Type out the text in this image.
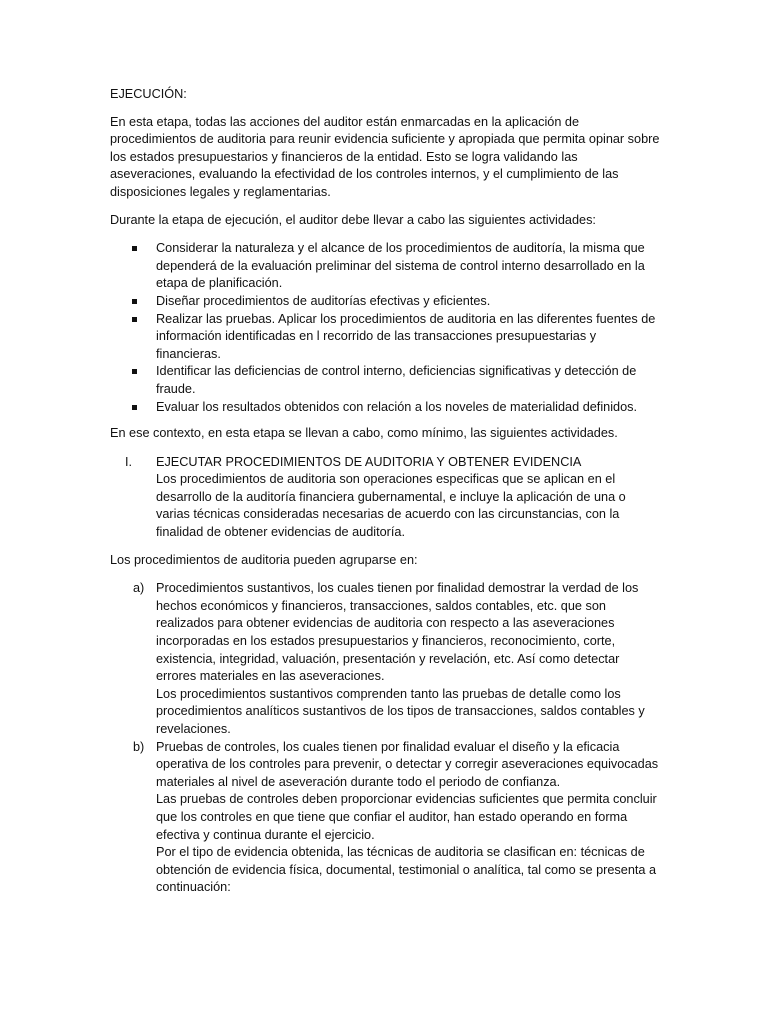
EJECUCIÓN:

En esta etapa, todas las acciones del auditor están enmarcadas en la aplicación de procedimientos de auditoria para reunir evidencia suficiente y apropiada que permita opinar sobre los estados presupuestarios y financieros de la entidad. Esto se logra validando las aseveraciones, evaluando la efectividad de los controles internos, y el cumplimiento de las disposiciones legales y reglamentarias.

Durante la etapa de ejecución, el auditor debe llevar a cabo las siguientes actividades:

Considerar la naturaleza y el alcance de los procedimientos de auditoría, la misma que dependerá de la evaluación preliminar del sistema de control interno desarrollado en la etapa de planificación.
Diseñar procedimientos de auditorías efectivas y eficientes.
Realizar las pruebas. Aplicar los procedimientos de auditoria en las diferentes fuentes de información identificadas en l recorrido de las transacciones presupuestarias y financieras.
Identificar las deficiencias de control interno, deficiencias significativas y detección de fraude.
Evaluar los resultados obtenidos con relación a los noveles de materialidad definidos.

En ese contexto, en esta etapa se llevan a cabo, como mínimo, las siguientes actividades.

I. EJECUTAR PROCEDIMIENTOS DE AUDITORIA Y OBTENER EVIDENCIA
Los procedimientos de auditoria son operaciones especificas que se aplican en el desarrollo de la auditoría financiera gubernamental, e incluye la aplicación de una o varias técnicas consideradas necesarias de acuerdo con las circunstancias, con la finalidad de obtener evidencias de auditoría.

Los procedimientos de auditoria pueden agruparse en:

a) Procedimientos sustantivos, los cuales tienen por finalidad demostrar la verdad de los hechos económicos y financieros, transacciones, saldos contables, etc. que son realizados para obtener evidencias de auditoria con respecto a las aseveraciones incorporadas en los estados presupuestarios y financieros, reconocimiento, corte, existencia, integridad, valuación, presentación y revelación, etc. Así como detectar errores materiales en las aseveraciones.
Los procedimientos sustantivos comprenden tanto las pruebas de detalle como los procedimientos analíticos sustantivos de los tipos de transacciones, saldos contables y revelaciones.
b) Pruebas de controles, los cuales tienen por finalidad evaluar el diseño y la eficacia operativa de los controles para prevenir, o detectar y corregir aseveraciones equivocadas materiales al nivel de aseveración durante todo el periodo de confianza.
Las pruebas de controles deben proporcionar evidencias suficientes que permita concluir que los controles en que tiene que confiar el auditor, han estado operando en forma efectiva y continua durante el ejercicio.
Por el tipo de evidencia obtenida, las técnicas de auditoria se clasifican en: técnicas de obtención de evidencia física, documental, testimonial o analítica, tal como se presenta a continuación:
